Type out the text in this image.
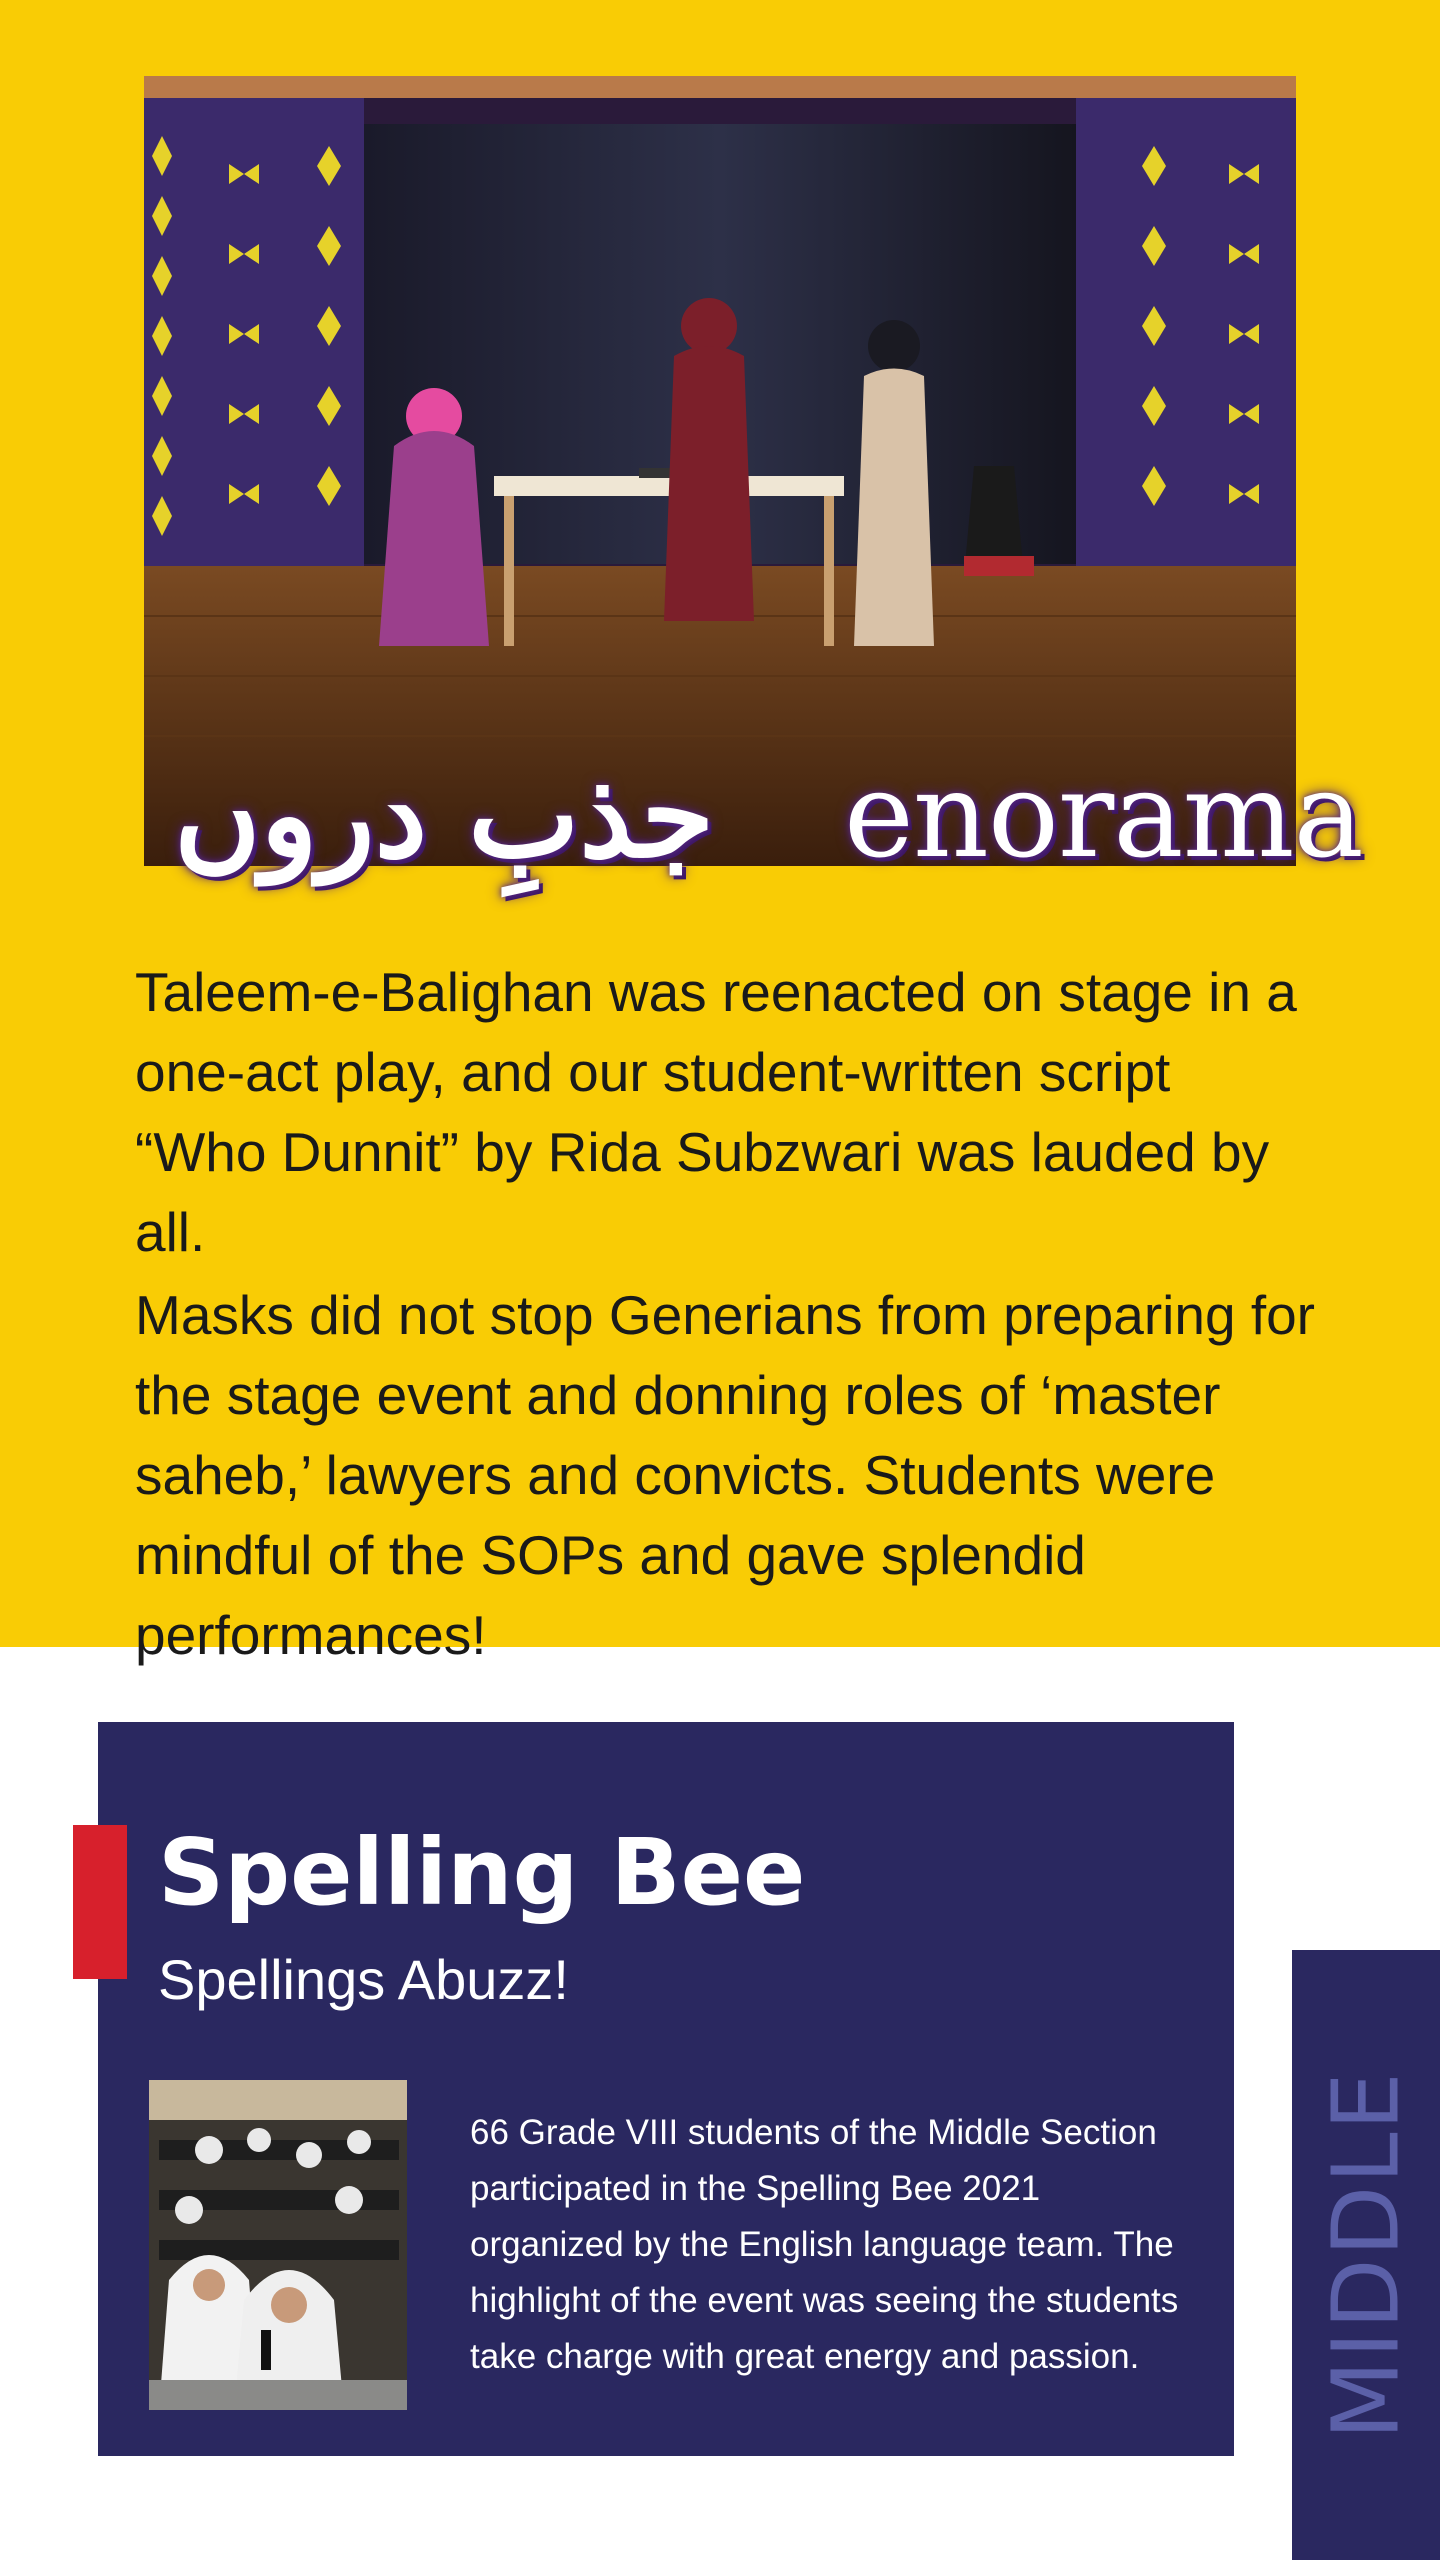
جذبِ دروں enorama

Taleem-e-Balighan was reenacted on stage in a one-act play, and our student-written script “Who Dunnit” by Rida Subzwari was lauded by all.

Masks did not stop Generians from preparing for the stage event and donning roles of ‘master saheb,’ lawyers and convicts. Students were mindful of the SOPs and gave splendid performances!

Spelling Bee

Spellings Abuzz!

66 Grade VIII students of the Middle Section participated in the Spelling Bee 2021 organized by the English language team. The highlight of the event was seeing the students take charge with great energy and passion.	MIDDLE
